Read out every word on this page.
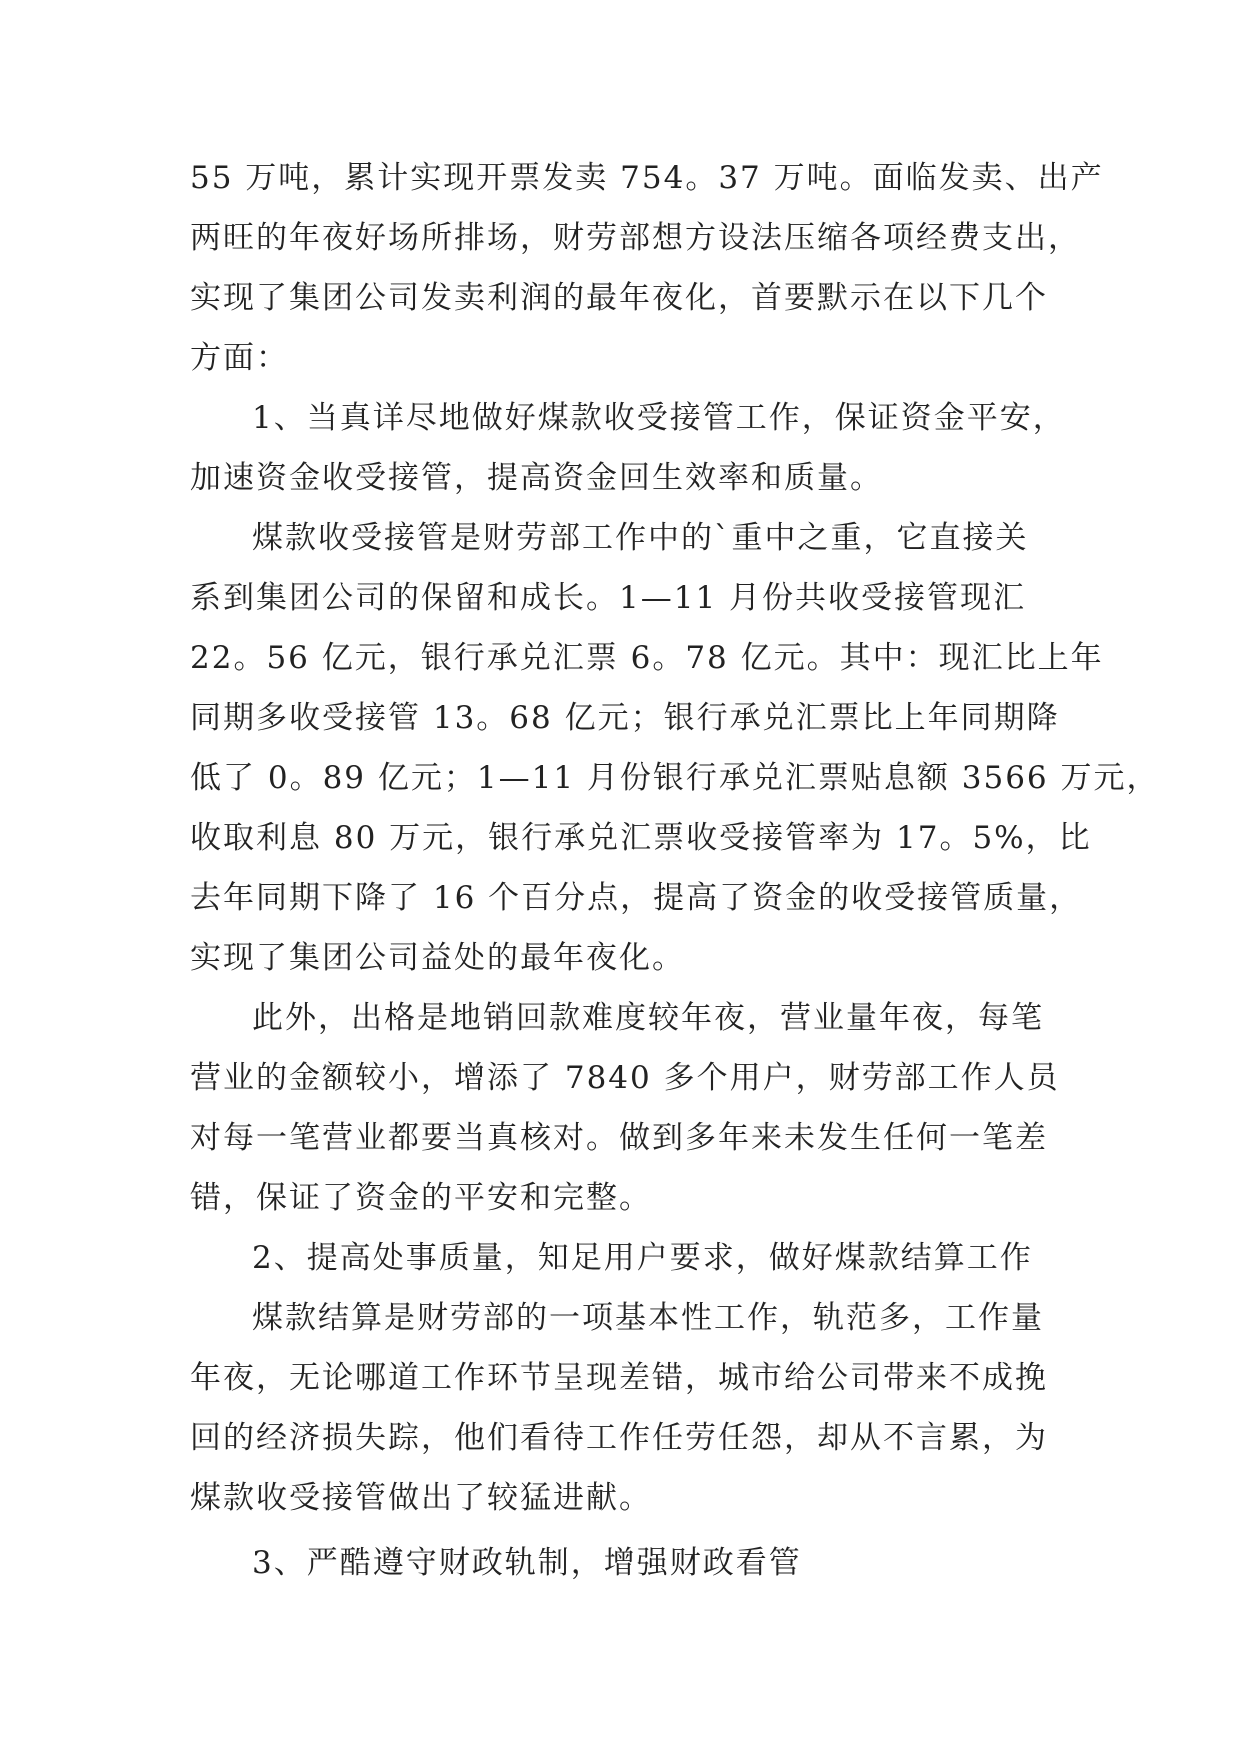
55 万吨，累计实现开票发卖 754。37 万吨。面临发卖、出产
两旺的年夜好场所排场，财劳部想方设法压缩各项经费支出，
实现了集团公司发卖利润的最年夜化，首要默示在以下几个
方面：
1、当真详尽地做好煤款收受接管工作，保证资金平安，
加速资金收受接管，提高资金回生效率和质量。
煤款收受接管是财劳部工作中的`重中之重，它直接关
系到集团公司的保留和成长。1—11 月份共收受接管现汇
22。56 亿元，银行承兑汇票 6。78 亿元。其中：现汇比上年
同期多收受接管 13。68 亿元；银行承兑汇票比上年同期降
低了 0。89 亿元；1—11 月份银行承兑汇票贴息额 3566 万元，
收取利息 80 万元，银行承兑汇票收受接管率为 17。5%，比
去年同期下降了 16 个百分点，提高了资金的收受接管质量，
实现了集团公司益处的最年夜化。
此外，出格是地销回款难度较年夜，营业量年夜，每笔
营业的金额较小，增添了 7840 多个用户，财劳部工作人员
对每一笔营业都要当真核对。做到多年来未发生任何一笔差
错，保证了资金的平安和完整。
2、提高处事质量，知足用户要求，做好煤款结算工作
煤款结算是财劳部的一项基本性工作，轨范多，工作量
年夜，无论哪道工作环节呈现差错，城市给公司带来不成挽
回的经济损失踪，他们看待工作任劳任怨，却从不言累，为
煤款收受接管做出了较猛进献。
3、严酷遵守财政轨制，增强财政看管
